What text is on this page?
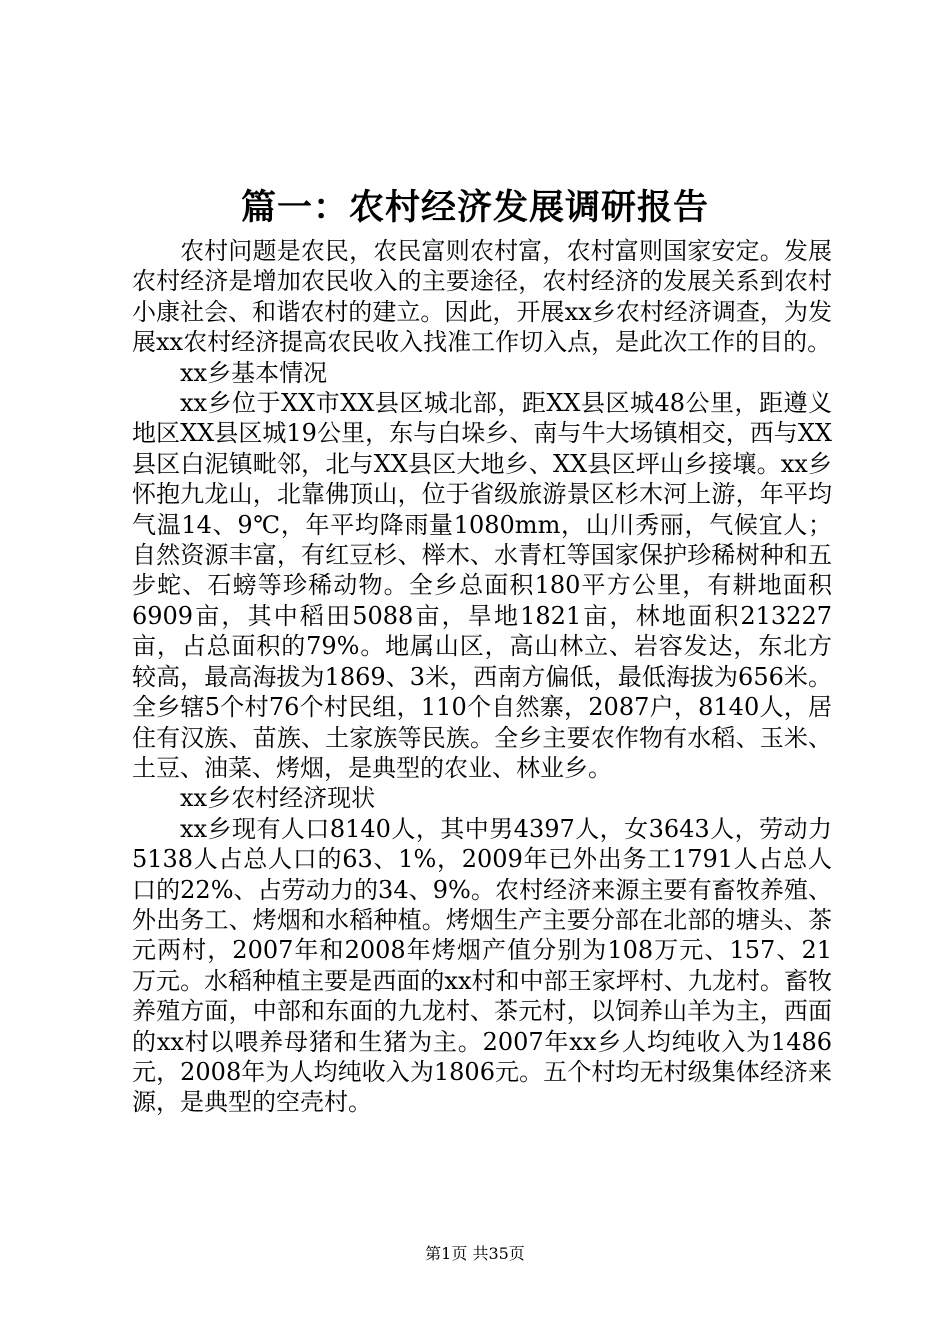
篇一：农村经济发展调研报告

农村问题是农民，农民富则农村富，农村富则国家安定。发展农村经济是增加农民收入的主要途径，农村经济的发展关系到农村小康社会、和谐农村的建立。因此，开展xx乡农村经济调查，为发展xx农村经济提高农民收入找准工作切入点，是此次工作的目的。

xx乡基本情况

xx乡位于XX市XX县区城北部，距XX县区城48公里，距遵义地区XX县区城19公里，东与白垛乡、南与牛大场镇相交，西与XX县区白泥镇毗邻，北与XX县区大地乡、XX县区坪山乡接壤。xx乡怀抱九龙山，北靠佛顶山，位于省级旅游景区杉木河上游，年平均气温14、9℃，年平均降雨量1080mm，山川秀丽，气候宜人；自然资源丰富，有红豆杉、榉木、水青杠等国家保护珍稀树种和五步蛇、石螃等珍稀动物。全乡总面积180平方公里，有耕地面积6909亩，其中稻田5088亩，旱地1821亩，林地面积213227亩，占总面积的79%。地属山区，高山林立、岩容发达，东北方较高，最高海拔为1869、3米，西南方偏低，最低海拔为656米。全乡辖5个村76个村民组，110个自然寨，2087户，8140人，居住有汉族、苗族、土家族等民族。全乡主要农作物有水稻、玉米、土豆、油菜、烤烟，是典型的农业、林业乡。

xx乡农村经济现状

xx乡现有人口8140人，其中男4397人，女3643人，劳动力5138人占总人口的63、1%，2009年已外出务工1791人占总人口的22%、占劳动力的34、9%。农村经济来源主要有畜牧养殖、外出务工、烤烟和水稻种植。烤烟生产主要分部在北部的塘头、茶元两村，2007年和2008年烤烟产值分别为108万元、157、21万元。水稻种植主要是西面的xx村和中部王家坪村、九龙村。畜牧养殖方面，中部和东面的九龙村、茶元村，以饲养山羊为主，西面的xx村以喂养母猪和生猪为主。2007年xx乡人均纯收入为1486元，2008年为人均纯收入为1806元。五个村均无村级集体经济来源，是典型的空壳村。

第1页 共35页
